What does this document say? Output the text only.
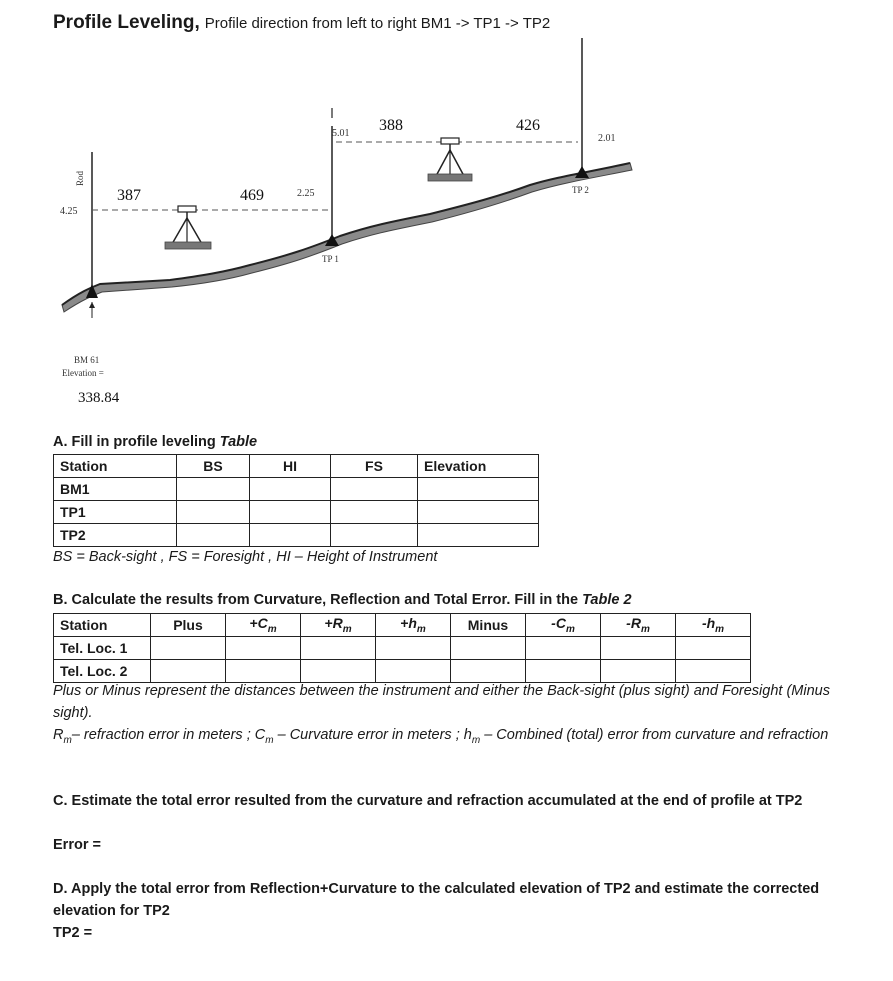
Profile Leveling, Profile direction from left to right BM1 -> TP1 -> TP2
Rod
4.25
2.25
387	469
TP 1
5.01 388	426
TP 2
2.01
BM 61
Elevation =
338.84
A. Fill in profile leveling Table
Station	BS	HI	FS	Elevation
BM1				
TP1				
TP2				
BS = Back-sight , FS = Foresight , HI – Height of Instrument
B. Calculate the results from Curvature, Reflection and Total Error. Fill in the Table 2
Station	Plus	$+C_m$	$+R_m$	$+h_m$	Minus	$-C_m$	$-R_m$	$-h_m$
Tel. Loc. 1								
Tel. Loc. 2								
Plus or Minus represent the distances between the instrument and either the Back-sight (plus sight) and Foresight (Minus sight).
$R_m-$ refraction error in meters ; $C_m$ – Curvature error in meters ; $h_m$ – Combined (total) error from curvature and refraction
C. Estimate the total error resulted from the curvature and refraction accumulated at the end of profile at TP2
Error =
D. Apply the total error from Reflection+Curvature to the calculated elevation of TP2 and estimate the corrected elevation for TP2
TP2 =
